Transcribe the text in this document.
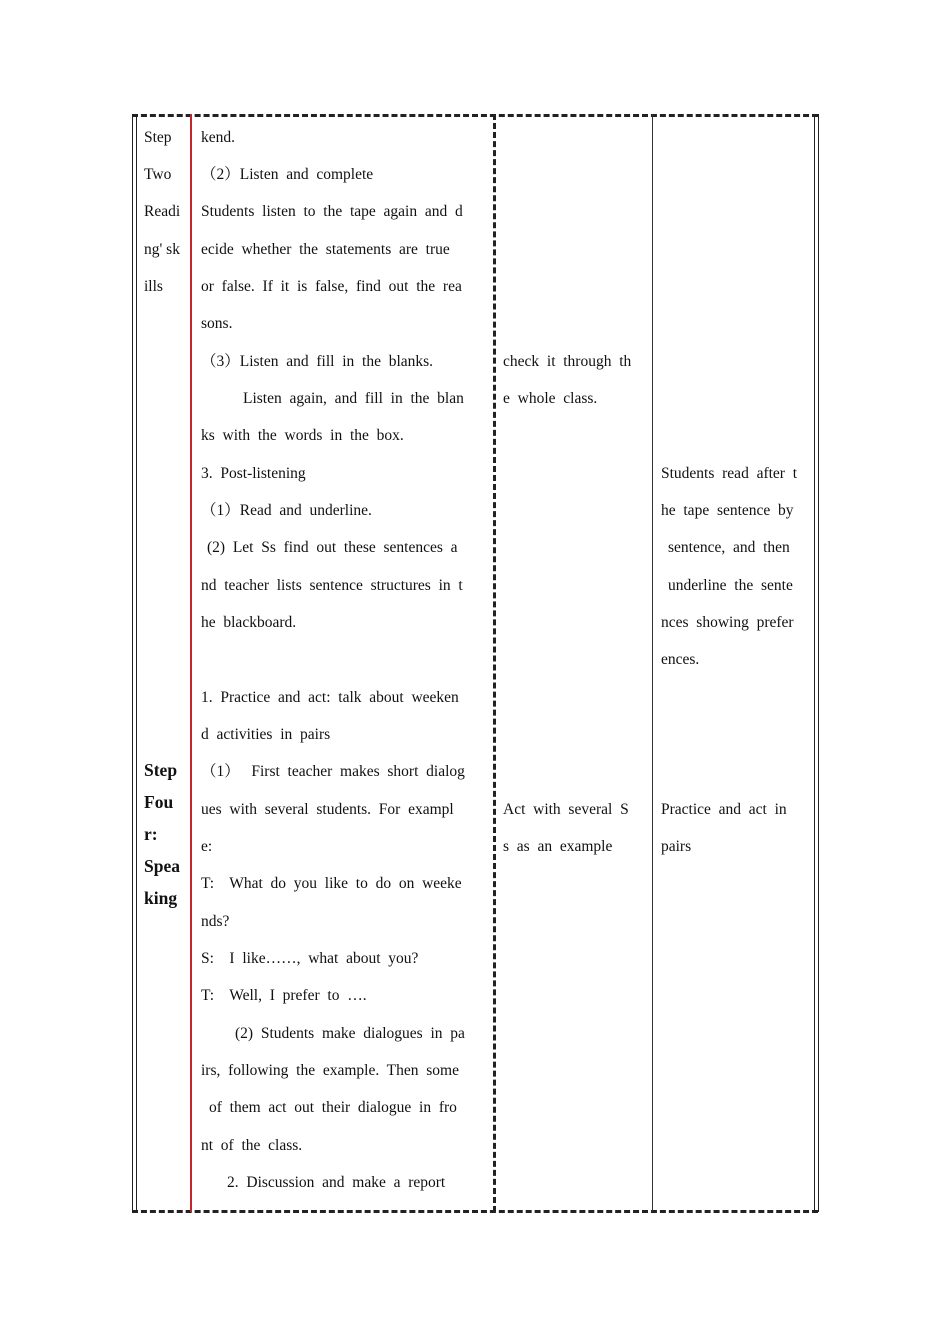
Step
Two
Readi
ng' sk
ills
Step
Fou
r:
Spea
king
kend.
（2）Listen  and  complete
Students  listen  to  the  tape  again  and  d
ecide  whether  the  statements  are  true
or  false.  If  it  is  false,  find  out  the  rea
sons.
（3）Listen  and  fill  in  the  blanks.
Listen  again,  and  fill  in  the  blan
ks  with  the  words  in  the  box.
3.  Post-listening
（1）Read  and  underline.
(2)  Let  Ss  find  out  these  sentences  a
nd  teacher  lists  sentence  structures  in  t
he  blackboard.
1.  Practice  and  act:  talk  about  weeken
d  activities  in  pairs
（1）   First  teacher  makes  short  dialog
ues  with  several  students.  For  exampl
e:
T:    What  do  you  like  to  do  on  weeke
nds?
S:    I  like……,  what  about  you?
T:    Well,  I  prefer  to  ….
(2)  Students  make  dialogues  in  pa
irs,  following  the  example.  Then  some
of  them  act  out  their  dialogue  in  fro
nt  of  the  class.
2.  Discussion  and  make  a  report
check  it  through  th
e  whole  class.
Act  with  several  S
s  as  an  example
Students  read  after  t
he  tape  sentence  by
sentence,  and  then
underline  the  sente
nces  showing  prefer
ences.
Practice  and  act  in
pairs
